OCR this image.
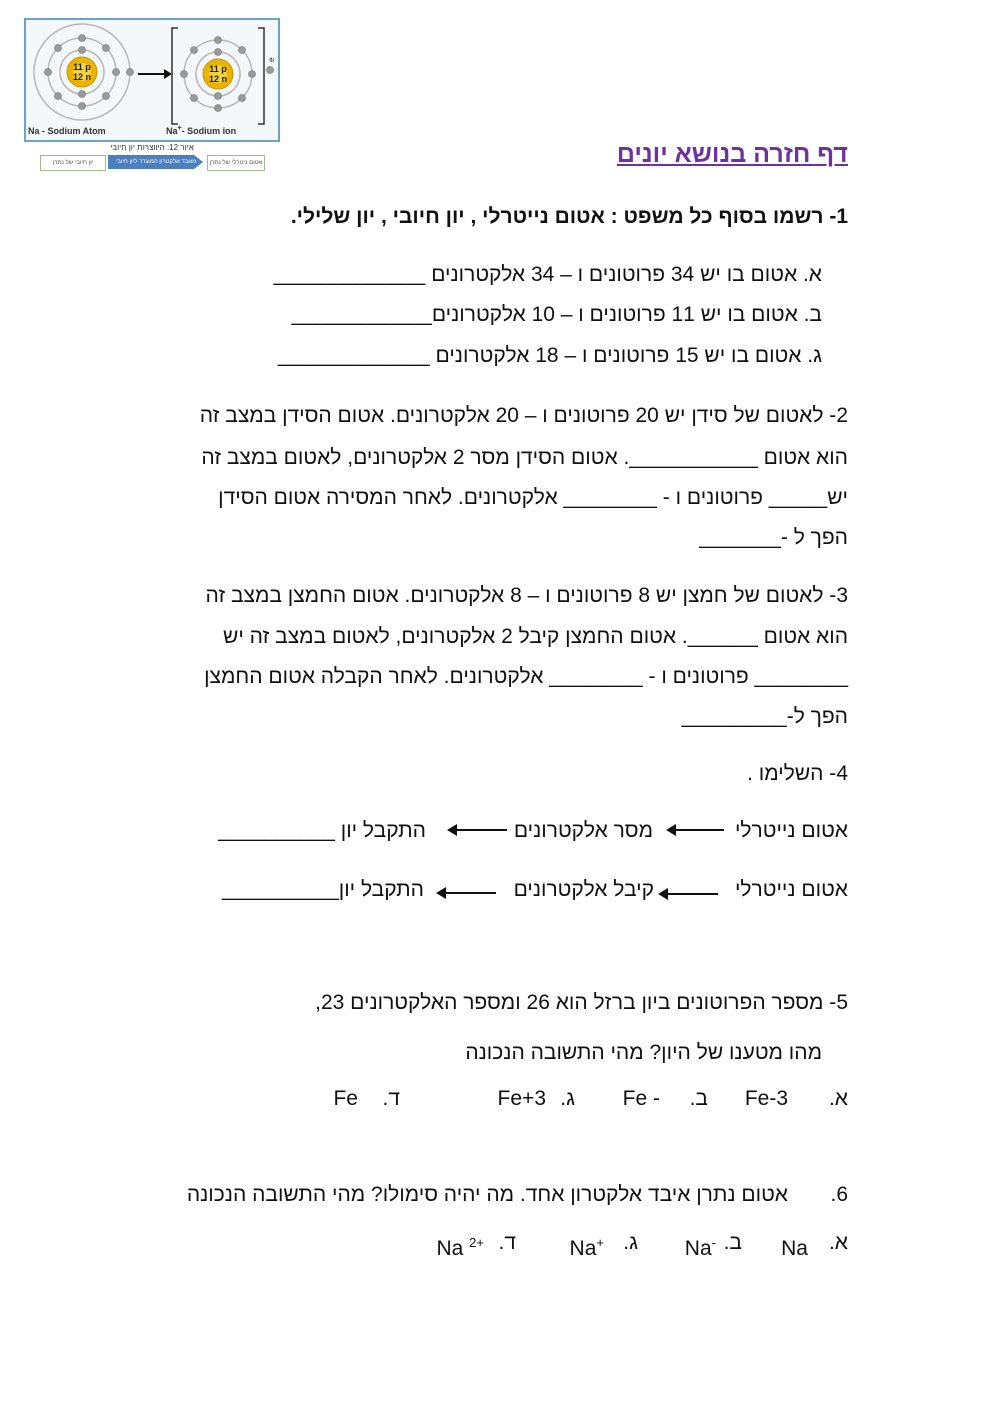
11 p
12 n
11 p
12 n
e
Na - Sodium Atom	Na+- Sodium ion
איור 12: היווצרות יון חיובי
יון חיובי של נתרן	מאבד אלקטרון המוגדר ליון חיובי	אטום ניטרלי של נתרן	דף חזרה בנושא יונים
1- רשמו בסוף כל משפט : אטום נייטרלי , יון חיובי , יון שלילי.
א. אטום בו יש 34 פרוטונים ו – 34 אלקטרונים _____________
ב. אטום בו יש 11 פרוטונים ו – 10 אלקטרונים____________
ג. אטום בו יש 15 פרוטונים ו – 18 אלקטרונים _____________
2- לאטום של סידן יש 20 פרוטונים ו – 20 אלקטרונים. אטום הסידן במצב זה
הוא אטום ___________. אטום הסידן מסר 2 אלקטרונים, לאטום במצב זה
יש_____ פרוטונים ו - ________ אלקטרונים. לאחר המסירה אטום הסידן
הפך ל -_______
3- לאטום של חמצן יש 8 פרוטונים ו – 8 אלקטרונים. אטום החמצן במצב זה
הוא אטום ______. אטום החמצן קיבל 2 אלקטרונים, לאטום במצב זה יש
________ פרוטונים ו - ________ אלקטרונים. לאחר הקבלה אטום החמצן
הפך ל-_________
4- השלימו .
אטום נייטרלי
מסר אלקטרונים
התקבל יון __________
אטום נייטרלי
קיבל אלקטרונים
התקבל יון__________
5- מספר הפרוטונים ביון ברזל הוא 26 ומספר האלקטרונים 23,
מהו מטענו של היון? מהי התשובה הנכונה
א.
Fe-3
ב.
Fe -
ג.
Fe+3
ד.
Fe
6.
אטום נתרן איבד אלקטרון אחד. מה יהיה סימולו? מהי התשובה הנכונה
א.
Na
ב.
Na-
ג.
Na+
ד.
Na $^{2+}$
